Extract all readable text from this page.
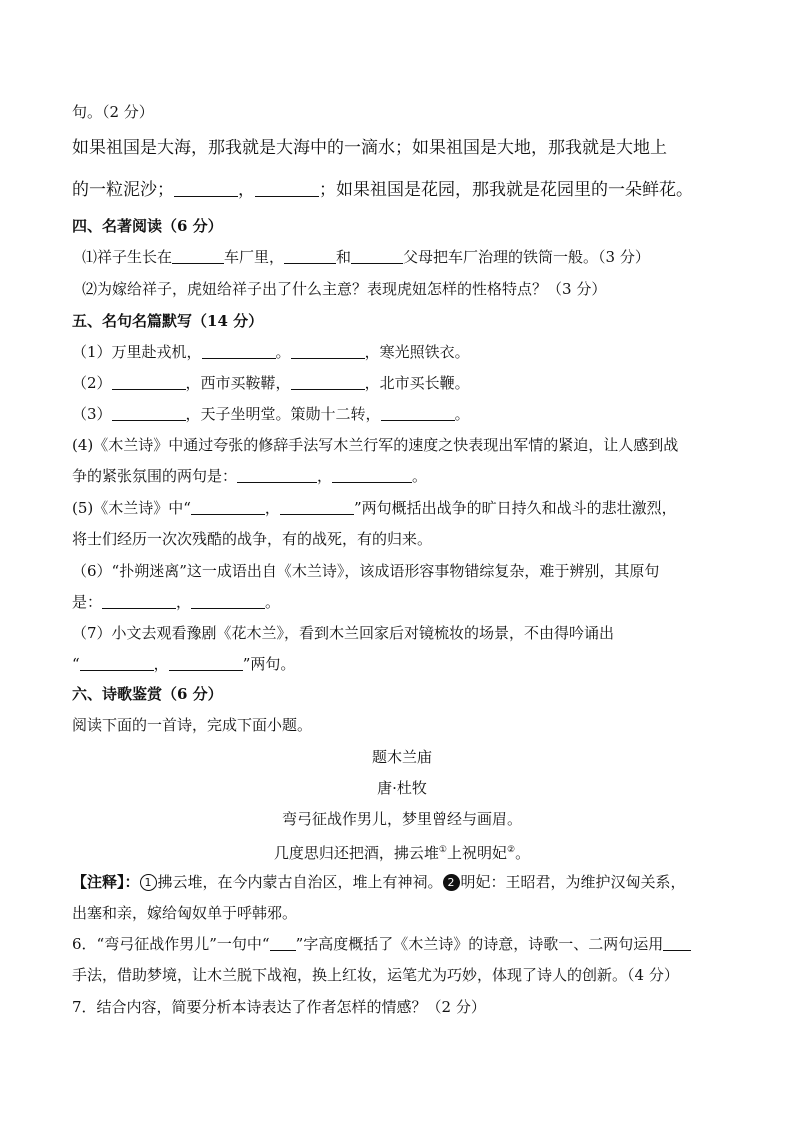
句。（2 分）
如果祖国是大海，那我就是大海中的一滴水；如果祖国是大地，那我就是大地上
的一粒泥沙；	，	；如果祖国是花园，那我就是花园里的一朵鲜花。
四、名著阅读（6 分）
⑴祥子生长在	车厂里，	和	父母把车厂治理的铁筒一般。（3 分）
⑵为嫁给祥子，虎妞给祥子出了什么主意？表现虎妞怎样的性格特点？（3 分）
五、名句名篇默写（14 分）
（1）万里赴戎机，	。	，寒光照铁衣。
（2）	，西市买鞍鞯，	，北市买长鞭。
（3）	，天子坐明堂。策勋十二转，	。
(4)《木兰诗》中通过夸张的修辞手法写木兰行军的速度之快表现出军情的紧迫，让人感到战
争的紧张氛围的两句是：	，	。
(5)《木兰诗》中“	，	”两句概括出战争的旷日持久和战斗的悲壮激烈，
将士们经历一次次残酷的战争，有的战死，有的归来。
（6）“扑朔迷离”这一成语出自《木兰诗》，该成语形容事物错综复杂，难于辨别，其原句
是：	，	。
（7）小文去观看豫剧《花木兰》，看到木兰回家后对镜梳妆的场景，不由得吟诵出
“	，	”两句。
六、诗歌鉴赏（6 分）
阅读下面的一首诗，完成下面小题。
题木兰庙
唐·杜牧
弯弓征战作男儿，梦里曾经与画眉。
几度思归还把酒，拂云堆①上祝明妃②。
【注释】： 1 拂云堆，在今内蒙古自治区，堆上有神祠。 2 明妃：王昭君，为维护汉匈关系，
出塞和亲，嫁给匈奴单于呼韩邪。
6．“弯弓征战作男儿”一句中“ ”字高度概括了《木兰诗》的诗意，诗歌一、二两句运用
手法，借助梦境，让木兰脱下战袍，换上红妆，运笔尤为巧妙，体现了诗人的创新。（4 分）
7．结合内容，简要分析本诗表达了作者怎样的情感？（2 分）
